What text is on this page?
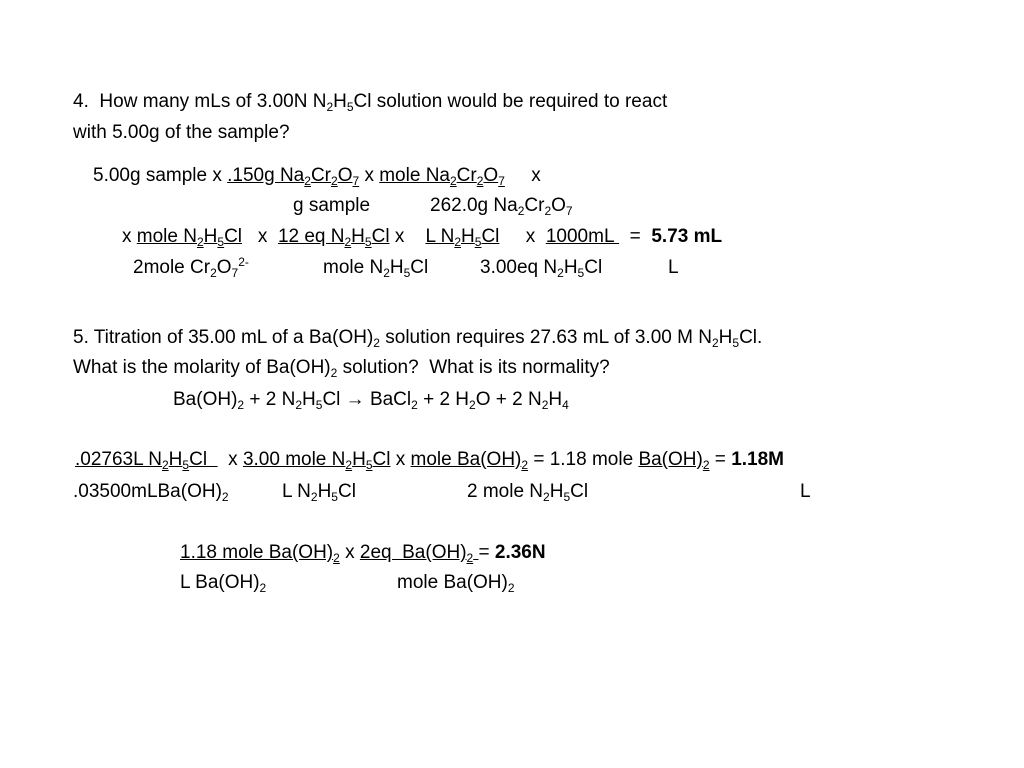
4.  How many mLs of 3.00N $N_2H_5Cl$ solution would be required to react
with 5.00g of the sample?
5.00g sample x .150g $Na_2Cr_2O_7$ x mole $Na_2Cr_2O_7$     x
g sample	262.0g $Na_2Cr_2O_7$
x mole $N_2H_5Cl$   x  12 eq $N_2H_5Cl$ x    L $N_2H_5Cl$     x  1000mL   =  5.73 mL
2mole $Cr_2O_7^{2-}$	mole $N_2H_5Cl$	3.00eq $N_2H_5Cl$	L
5. Titration of 35.00 mL of a $Ba(OH)_2$ solution requires 27.63 mL of 3.00 M $N_2H_5Cl$.
What is the molarity of $Ba(OH)_2$ solution?  What is its normality?
$Ba(OH)_2 + 2$ $N_2H_5Cl$ → BaCl$_2$ + 2 $H_2O + 2$ $N_2H_4$
.02763L $N_2H_5Cl$    x 3.00 mole $N_2H_5Cl$ x mole $Ba(OH)_2 = 1.18$ mole $Ba(OH)_2 = 1.18M$
$.03500mLBa(OH)_2$	L $N_2H_5Cl$	2 mole $N_2H_5Cl$	L
1.18 mole $Ba(OH)_2$ x 2eq  $Ba(OH)_2 = 2.36N$
L $Ba(OH)_2$	mole $Ba(OH)_2$
